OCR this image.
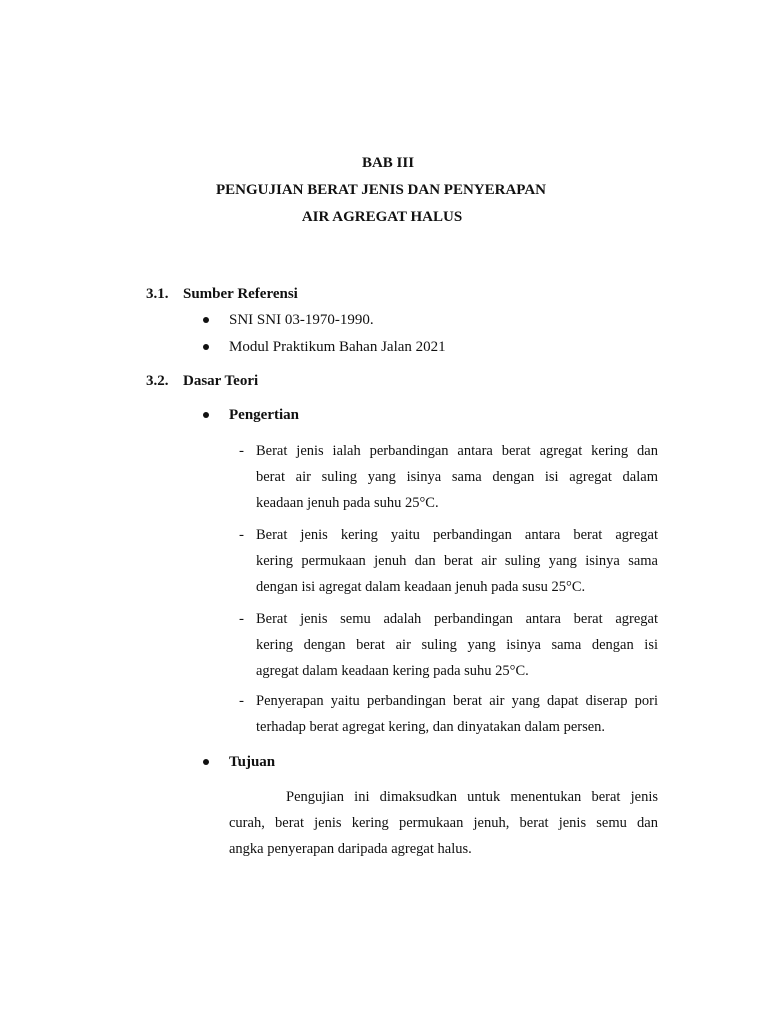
BAB III
PENGUJIAN BERAT JENIS DAN PENYERAPAN
AIR AGREGAT HALUS
3.1. Sumber Referensi
SNI SNI 03-1970-1990.
Modul Praktikum Bahan Jalan 2021
3.2. Dasar Teori
Pengertian
- Berat jenis ialah perbandingan antara berat agregat kering dan
berat air suling yang isinya sama dengan isi agregat dalam
keadaan jenuh pada suhu 25°C.
- Berat jenis kering yaitu perbandingan antara berat agregat
kering permukaan jenuh dan berat air suling yang isinya sama
dengan isi agregat dalam keadaan jenuh pada susu 25°C.
- Berat jenis semu adalah perbandingan antara berat agregat
kering dengan berat air suling yang isinya sama dengan isi
agregat dalam keadaan kering pada suhu 25°C.
- Penyerapan yaitu perbandingan berat air yang dapat diserap pori
terhadap berat agregat kering, dan dinyatakan dalam persen.
Tujuan
Pengujian ini dimaksudkan untuk menentukan berat jenis
curah, berat jenis kering permukaan jenuh, berat jenis semu dan
angka penyerapan daripada agregat halus.
